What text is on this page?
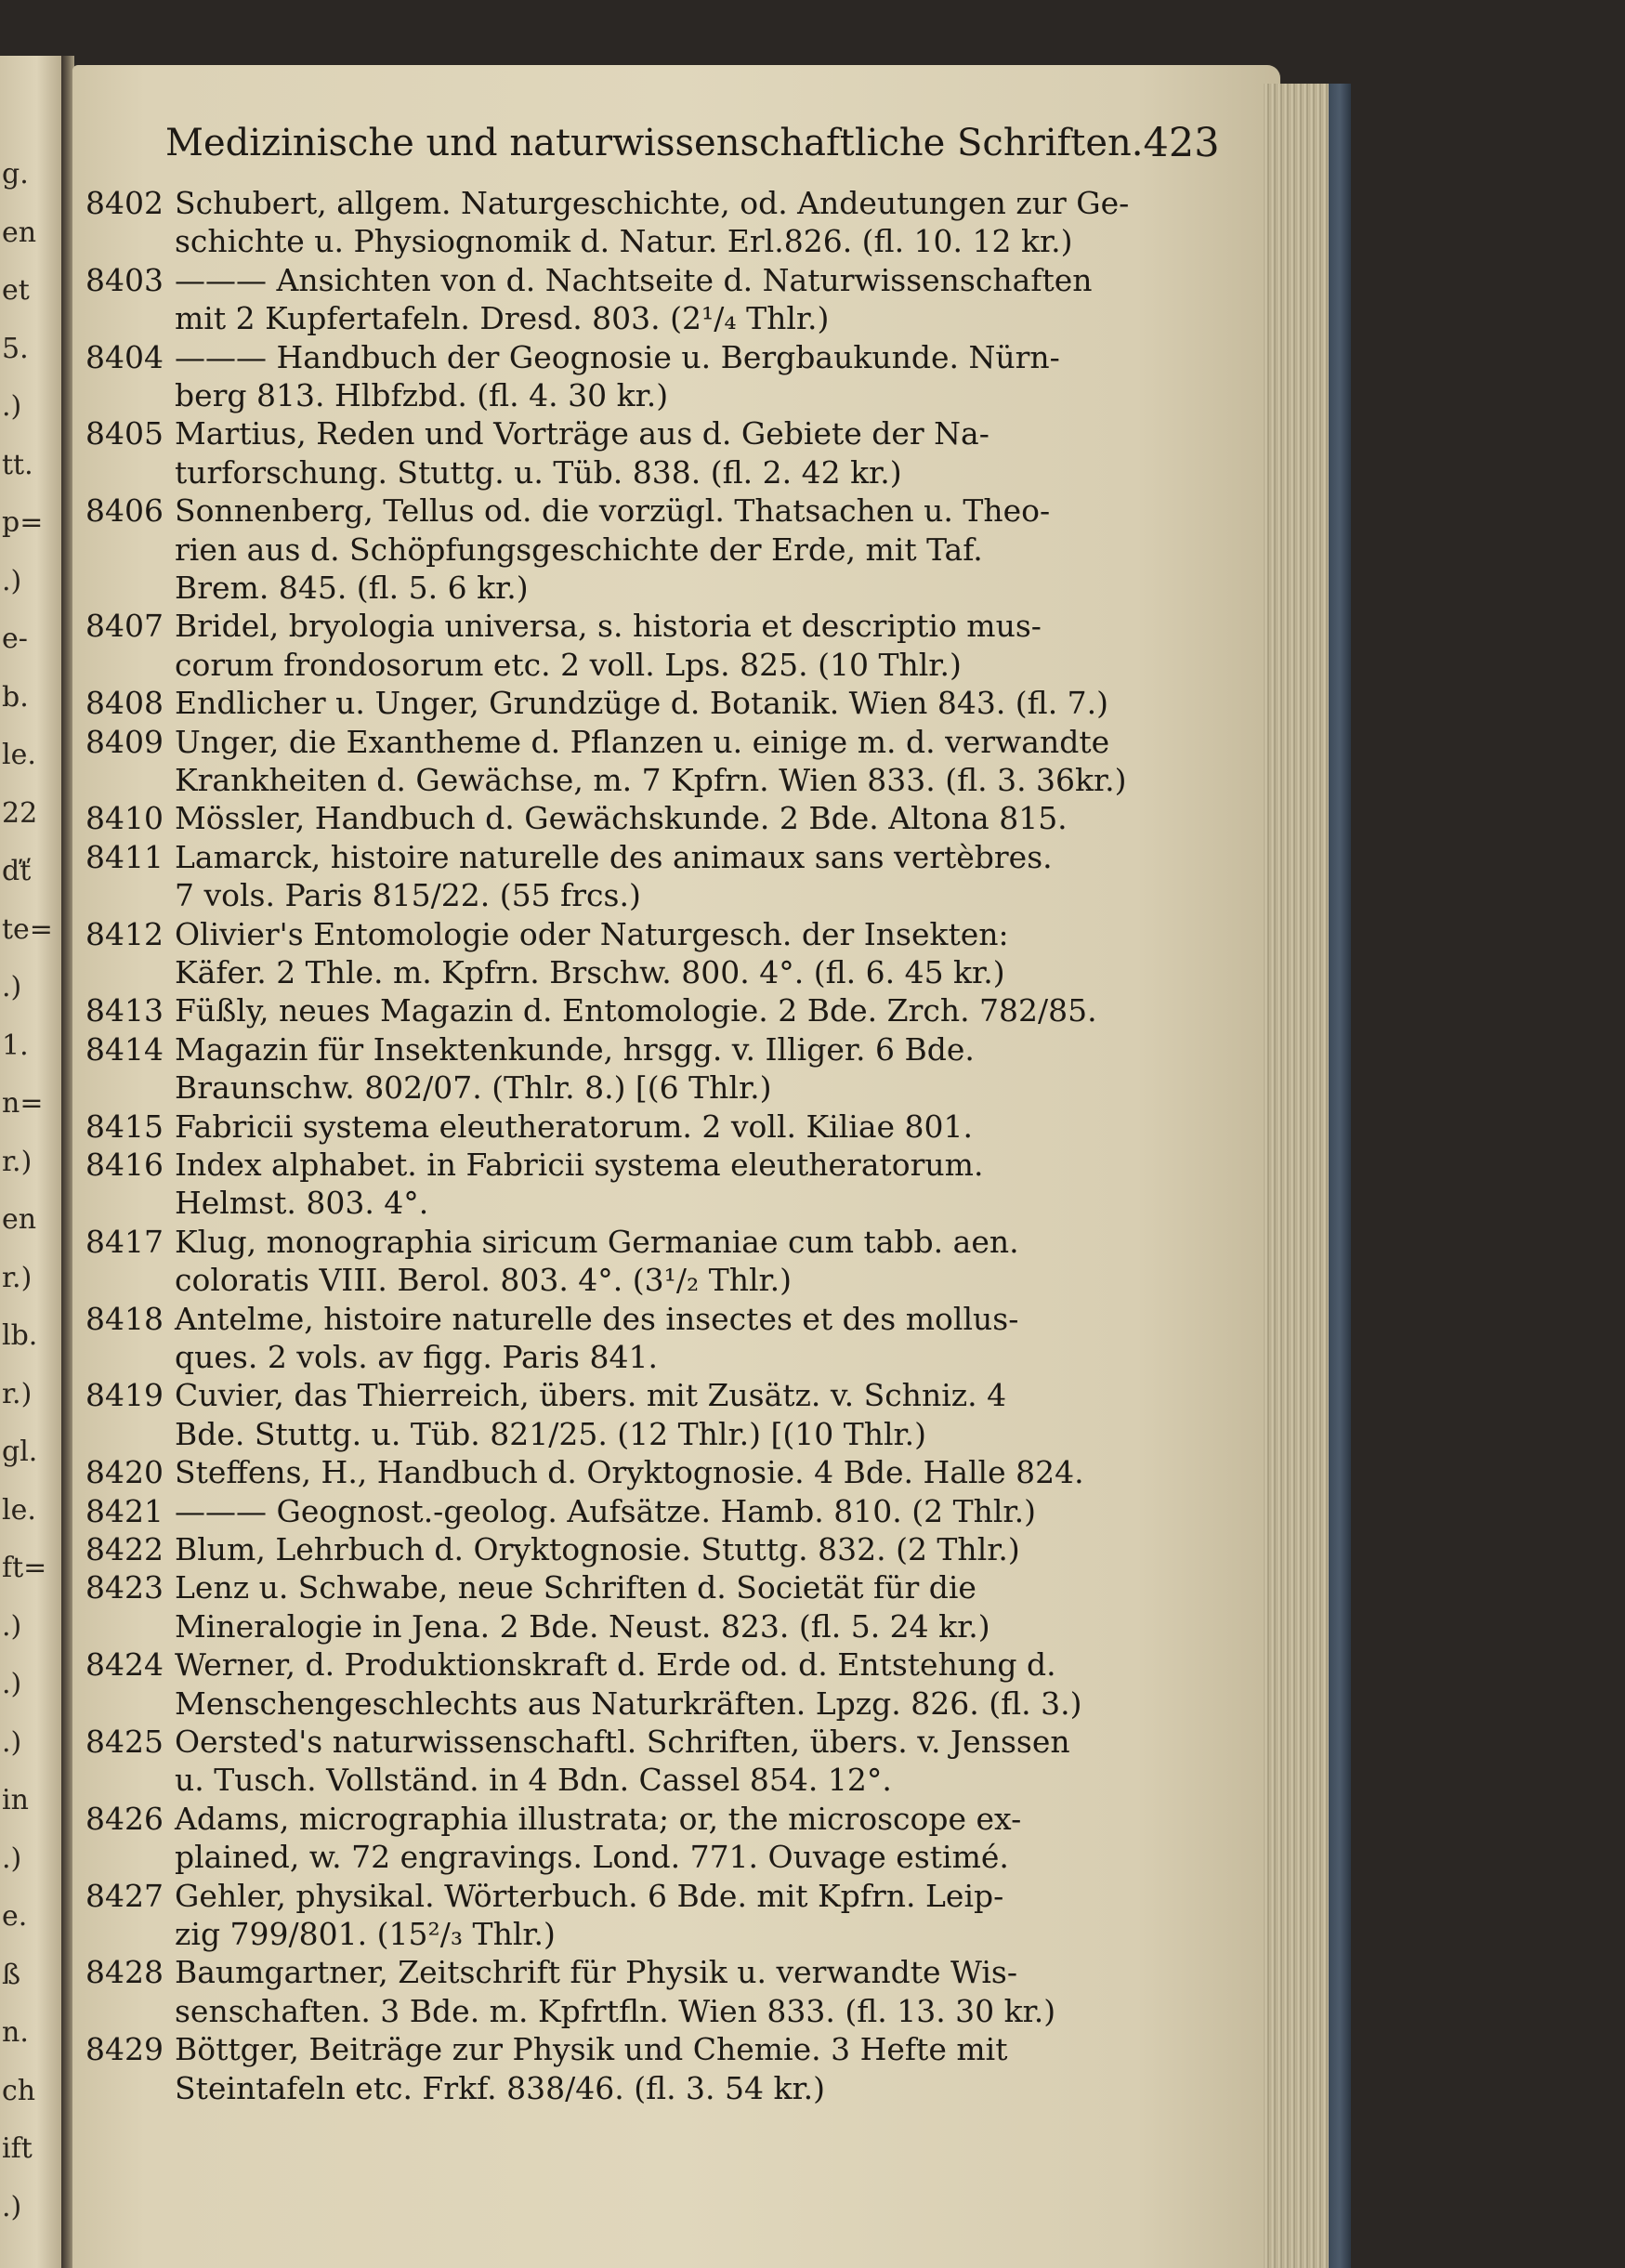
g.
en
et
5.
.)
tt.
p=
.)
e-
b.
le.
22
ďť
te=
.)
1.
n=
r.)
en
r.)
lb.
r.)
gl.
le.
ft=
.)
.)
.)
in
.)
e.
ß
n.
ch
ift
.)
Medizinische und naturwissenschaftliche Schriften. 423
8402 Schubert, allgem. Naturgeschichte, od. Andeutungen zur Ge-
schichte u. Physiognomik d. Natur. Erl.826. (fl. 10. 12 kr.)
8403 ——— Ansichten von d. Nachtseite d. Naturwissenschaften
mit 2 Kupfertafeln. Dresd. 803. (2¹/₄ Thlr.)
8404 ——— Handbuch der Geognosie u. Bergbaukunde. Nürn-
berg 813. Hlbfzbd. (fl. 4. 30 kr.)
8405 Martius, Reden und Vorträge aus d. Gebiete der Na-
turforschung. Stuttg. u. Tüb. 838. (fl. 2. 42 kr.)
8406 Sonnenberg, Tellus od. die vorzügl. Thatsachen u. Theo-
rien aus d. Schöpfungsgeschichte der Erde, mit Taf.
Brem. 845. (fl. 5. 6 kr.)
8407 Bridel, bryologia universa, s. historia et descriptio mus-
corum frondosorum etc. 2 voll. Lps. 825. (10 Thlr.)
8408 Endlicher u. Unger, Grundzüge d. Botanik. Wien 843. (fl. 7.)
8409 Unger, die Exantheme d. Pflanzen u. einige m. d. verwandte
Krankheiten d. Gewächse, m. 7 Kpfrn. Wien 833. (fl. 3. 36kr.)
8410 Mössler, Handbuch d. Gewächskunde. 2 Bde. Altona 815.
8411 Lamarck, histoire naturelle des animaux sans vertèbres.
7 vols. Paris 815/22. (55 frcs.)
8412 Olivier's Entomologie oder Naturgesch. der Insekten:
Käfer. 2 Thle. m. Kpfrn. Brschw. 800. 4°. (fl. 6. 45 kr.)
8413 Füßly, neues Magazin d. Entomologie. 2 Bde. Zrch. 782/85.
8414 Magazin für Insektenkunde, hrsgg. v. Illiger. 6 Bde.
Braunschw. 802/07. (Thlr. 8.) [(6 Thlr.)
8415 Fabricii systema eleutheratorum. 2 voll. Kiliae 801.
8416 Index alphabet. in Fabricii systema eleutheratorum.
Helmst. 803. 4°.
8417 Klug, monographia siricum Germaniae cum tabb. aen.
coloratis VIII. Berol. 803. 4°. (3¹/₂ Thlr.)
8418 Antelme, histoire naturelle des insectes et des mollus-
ques. 2 vols. av figg. Paris 841.
8419 Cuvier, das Thierreich, übers. mit Zusätz. v. Schniz. 4
Bde. Stuttg. u. Tüb. 821/25. (12 Thlr.) [(10 Thlr.)
8420 Steffens, H., Handbuch d. Oryktognosie. 4 Bde. Halle 824.
8421 ——— Geognost.-geolog. Aufsätze. Hamb. 810. (2 Thlr.)
8422 Blum, Lehrbuch d. Oryktognosie. Stuttg. 832. (2 Thlr.)
8423 Lenz u. Schwabe, neue Schriften d. Societät für die
Mineralogie in Jena. 2 Bde. Neust. 823. (fl. 5. 24 kr.)
8424 Werner, d. Produktionskraft d. Erde od. d. Entstehung d.
Menschengeschlechts aus Naturkräften. Lpzg. 826. (fl. 3.)
8425 Oersted's naturwissenschaftl. Schriften, übers. v. Jenssen
u. Tusch. Vollständ. in 4 Bdn. Cassel 854. 12°.
8426 Adams, micrographia illustrata; or, the microscope ex-
plained, w. 72 engravings. Lond. 771. Ouvage estimé.
8427 Gehler, physikal. Wörterbuch. 6 Bde. mit Kpfrn. Leip-
zig 799/801. (15²/₃ Thlr.)
8428 Baumgartner, Zeitschrift für Physik u. verwandte Wis-
senschaften. 3 Bde. m. Kpfrtfln. Wien 833. (fl. 13. 30 kr.)
8429 Böttger, Beiträge zur Physik und Chemie. 3 Hefte mit
Steintafeln etc. Frkf. 838/46. (fl. 3. 54 kr.)
